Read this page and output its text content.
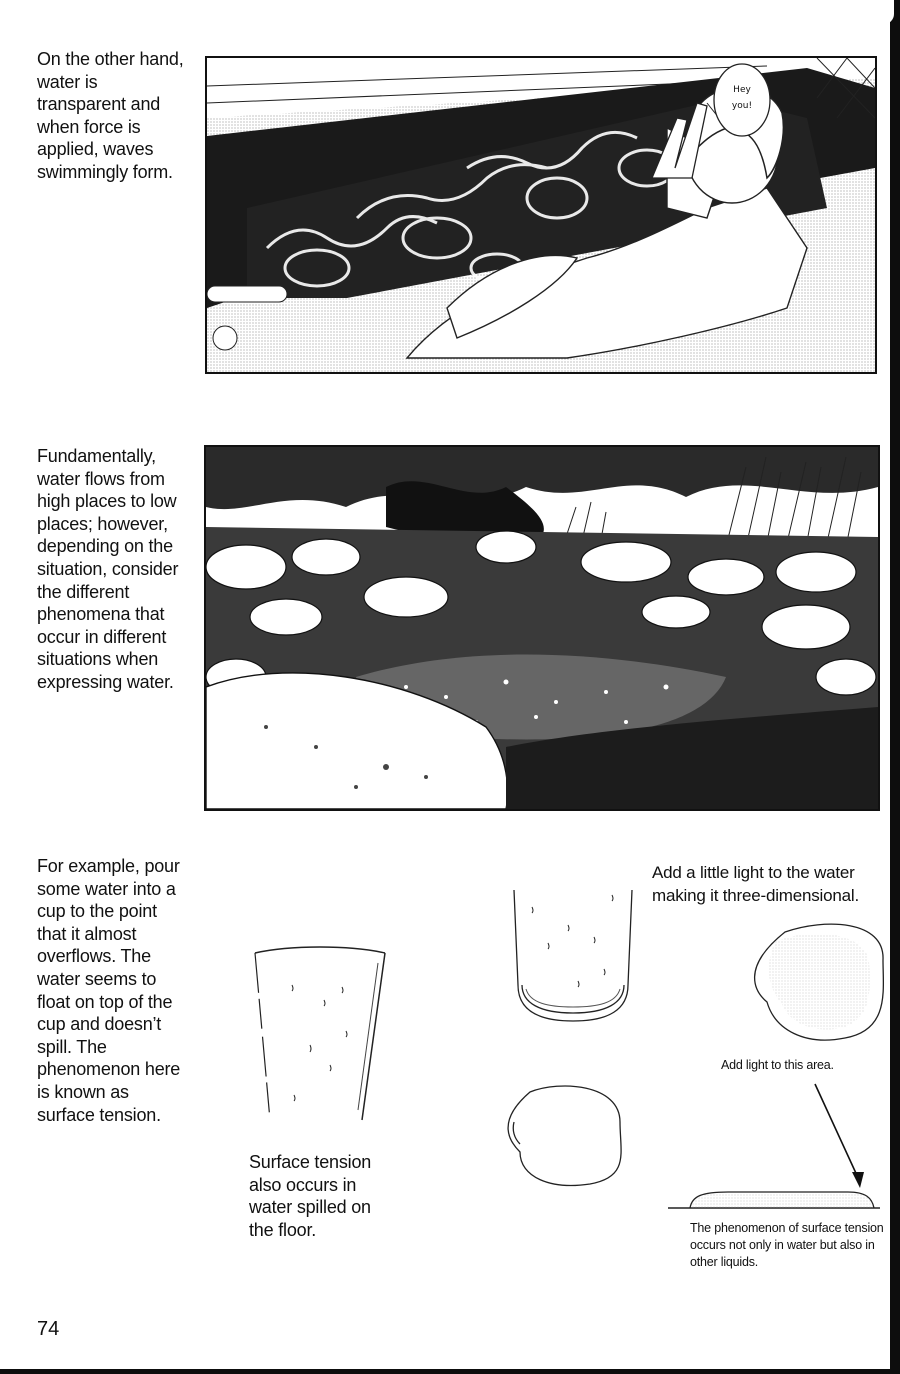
On the other hand, water is transparent and when force is applied, waves swimmingly form.

Fundamentally, water flows from high places to low places; however, depending on the situation, consider the different phenomena that occur in different situations when expressing water.

For example, pour some water into a cup to the point that it almost overflows. The water seems to float on top of the cup and doesn’t spill. The phenomenon here is known as surface tension.

Hey you!

Surface tension also occurs in water spilled on the floor.

Add a little light to the water making it three-dimensional.

Add light to this area.

The phenomenon of surface tension occurs not only in water but also in other liquids.

74
